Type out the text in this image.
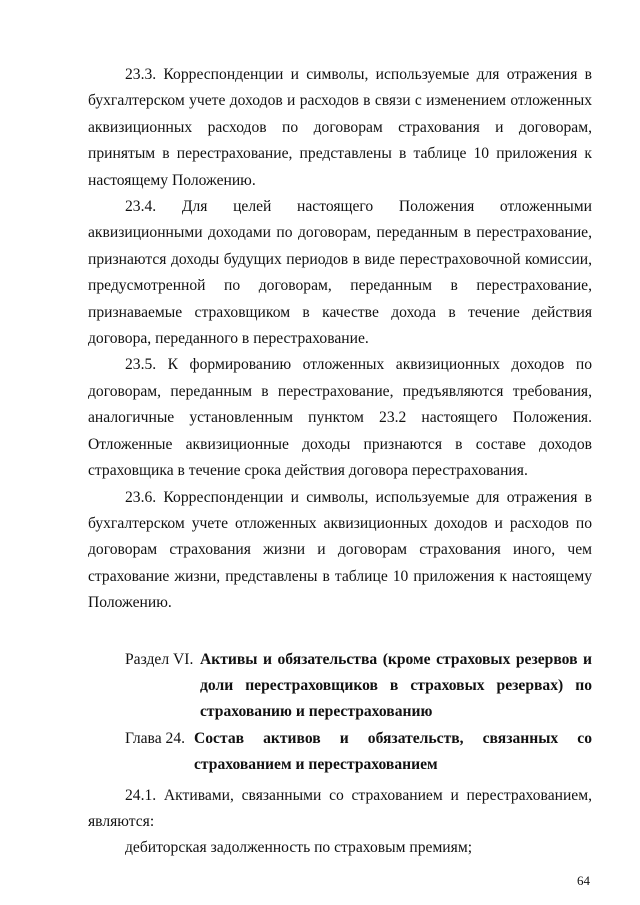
23.3. Корреспонденции и символы, используемые для отражения в бухгалтерском учете доходов и расходов в связи с изменением отложенных аквизиционных расходов по договорам страхования и договорам, принятым в перестрахование, представлены в таблице 10 приложения к настоящему Положению.

23.4. Для целей настоящего Положения отложенными аквизиционными доходами по договорам, переданным в перестрахование, признаются доходы будущих периодов в виде перестраховочной комиссии, предусмотренной по договорам, переданным в перестрахование, признаваемые страховщиком в качестве дохода в течение действия договора, переданного в перестрахование.

23.5. К формированию отложенных аквизиционных доходов по договорам, переданным в перестрахование, предъявляются требования, аналогичные установленным пунктом 23.2 настоящего Положения. Отложенные аквизиционные доходы признаются в составе доходов страховщика в течение срока действия договора перестрахования.

23.6. Корреспонденции и символы, используемые для отражения в бухгалтерском учете отложенных аквизиционных доходов и расходов по договорам страхования жизни и договорам страхования иного, чем страхование жизни, представлены в таблице 10 приложения к настоящему Положению.

Раздел VI. Активы и обязательства (кроме страховых резервов и доли перестраховщиков в страховых резервах) по страхованию и перестрахованию
Глава 24. Состав активов и обязательств, связанных со страхованием и перестрахованием

24.1. Активами, связанными со страхованием и перестрахованием, являются:

дебиторская задолженность по страховым премиям;

64
